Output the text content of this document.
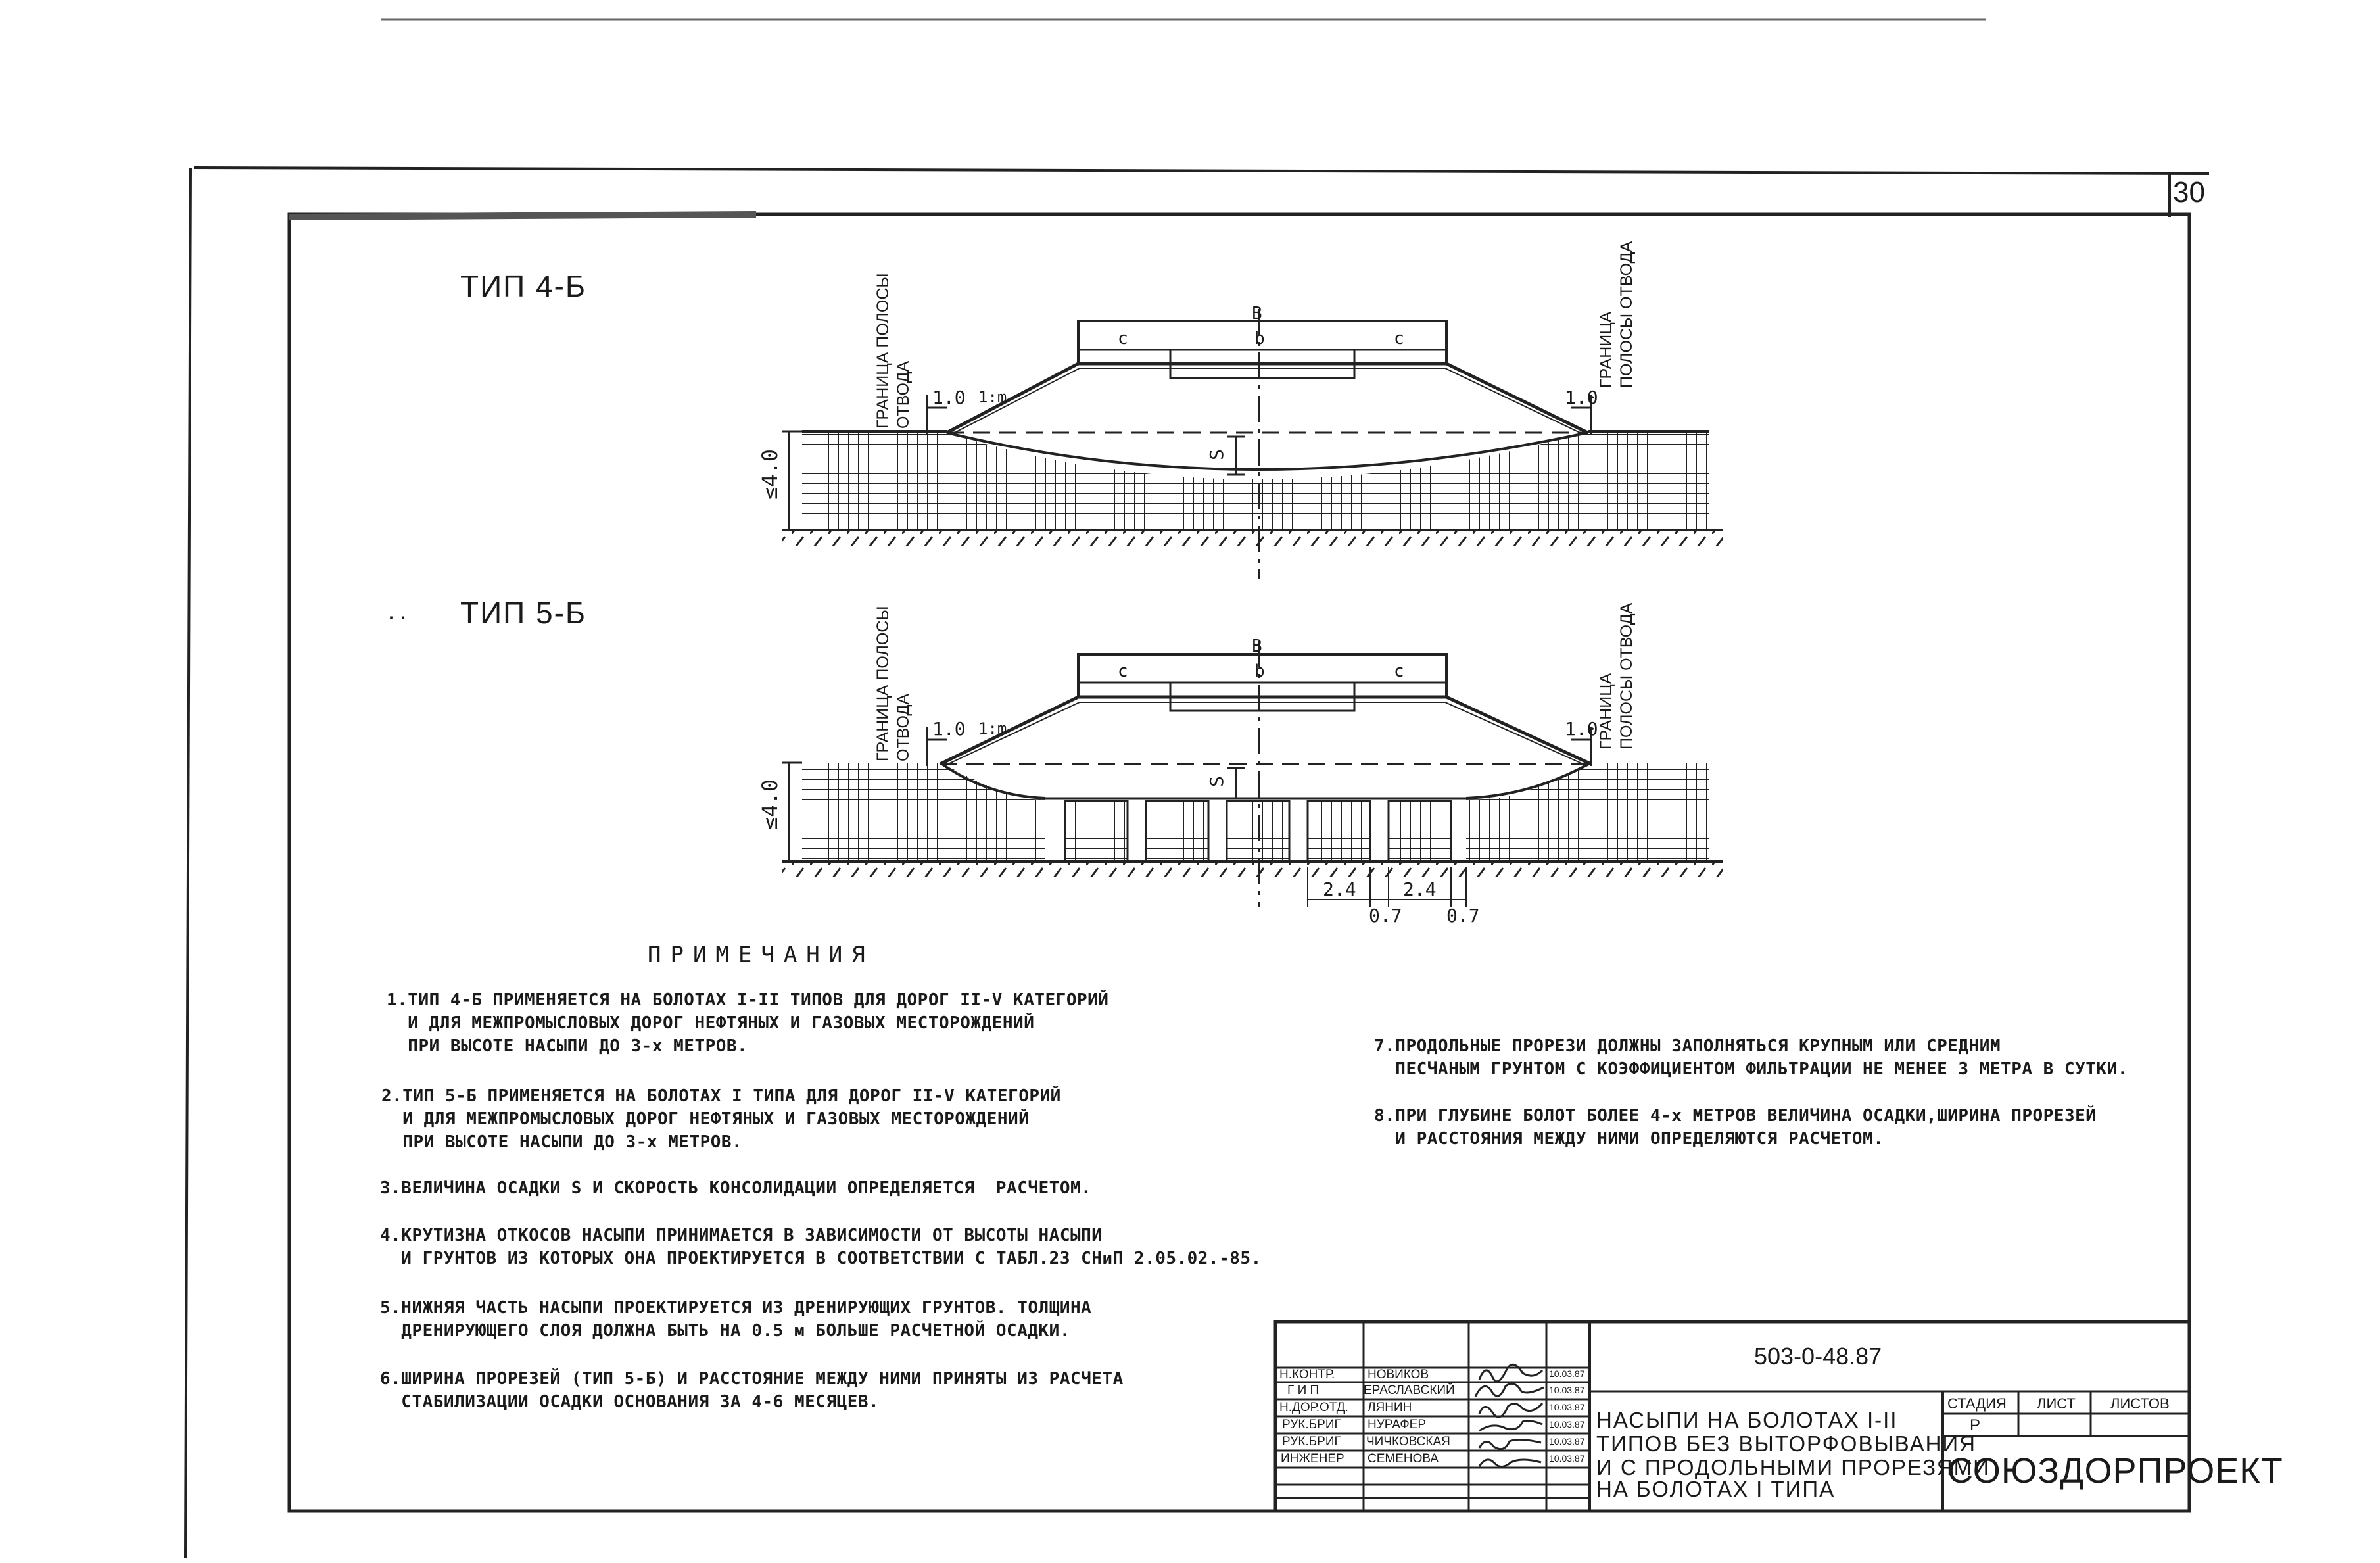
30
ТИП 4-Б	ГРАНИЦА ПОЛОСЫ ОТВОДА
ГРАНИЦА ПОЛОСЫ ОТВОДА
1.0	1.0
1:m
B
c	b	c
S
≤4.0
ТИП 5-Б
..	ГРАНИЦА ПОЛОСЫ ОТВОДА	ГРАНИЦА ПОЛОСЫ ОТВОДА
1.0	1.0
1:m
B
c	b	c
S
≤4.0
2.4	2.4
0.7 0.7
ПРИМЕЧАНИЯ
1.ТИП 4-Б ПРИМЕНЯЕТСЯ НА БОЛОТАХ I-II ТИПОВ ДЛЯ ДОРОГ II-V КАТЕГОРИЙ
И ДЛЯ МЕЖПРОМЫСЛОВЫХ ДОРОГ НЕФТЯНЫХ И ГАЗОВЫХ МЕСТОРОЖДЕНИЙ
ПРИ ВЫСОТЕ НАСЫПИ ДО 3-х МЕТРОВ.
2.ТИП 5-Б ПРИМЕНЯЕТСЯ НА БОЛОТАХ I ТИПА ДЛЯ ДОРОГ II-V КАТЕГОРИЙ
И ДЛЯ МЕЖПРОМЫСЛОВЫХ ДОРОГ НЕФТЯНЫХ И ГАЗОВЫХ МЕСТОРОЖДЕНИЙ
ПРИ ВЫСОТЕ НАСЫПИ ДО 3-х МЕТРОВ.
3.ВЕЛИЧИНА ОСАДКИ S И СКОРОСТЬ КОНСОЛИДАЦИИ ОПРЕДЕЛЯЕТСЯ  РАСЧЕТОМ.
4.КРУТИЗНА ОТКОСОВ НАСЫПИ ПРИНИМАЕТСЯ В ЗАВИСИМОСТИ ОТ ВЫСОТЫ НАСЫПИ
И ГРУНТОВ ИЗ КОТОРЫХ ОНА ПРОЕКТИРУЕТСЯ В СООТВЕТСТВИИ С ТАБЛ.23 СНиП 2.05.02.-85.
5.НИЖНЯЯ ЧАСТЬ НАСЫПИ ПРОЕКТИРУЕТСЯ ИЗ ДРЕНИРУЮЩИХ ГРУНТОВ. ТОЛЩИНА
ДРЕНИРУЮЩЕГО СЛОЯ ДОЛЖНА БЫТЬ НА 0.5 м БОЛЬШЕ РАСЧЕТНОЙ ОСАДКИ.
6.ШИРИНА ПРОРЕЗЕЙ (ТИП 5-Б) И РАССТОЯНИЕ МЕЖДУ НИМИ ПРИНЯТЫ ИЗ РАСЧЕТА
СТАБИЛИЗАЦИИ ОСАДКИ ОСНОВАНИЯ ЗА 4-6 МЕСЯЦЕВ.
7.ПРОДОЛЬНЫЕ ПРОРЕЗИ ДОЛЖНЫ ЗАПОЛНЯТЬСЯ КРУПНЫМ ИЛИ СРЕДНИМ
ПЕСЧАНЫМ ГРУНТОМ С КОЭФФИЦИЕНТОМ ФИЛЬТРАЦИИ НЕ МЕНЕЕ 3 МЕТРА В СУТКИ.
8.ПРИ ГЛУБИНЕ БОЛОТ БОЛЕЕ 4-х МЕТРОВ ВЕЛИЧИНА ОСАДКИ,ШИРИНА ПРОРЕЗЕЙ
И РАССТОЯНИЯ МЕЖДУ НИМИ ОПРЕДЕЛЯЮТСЯ РАСЧЕТОМ.
503-0-48.87
Н.КОНТР.	НОВИКОВ	10.03.87
Г И П	ЕРАСЛАВСКИЙ	10.03.87
Н.ДОР.ОТД. ЛЯНИН	10.03.87
РУК.БРИГ НУРАФЕР	10.03.87
РУК.БРИГ ЧИЧКОВСКАЯ	10.03.87
ИНЖЕНЕР СЕМЕНОВА	10.03.87
НАСЫПИ НА БОЛОТАХ I-II
ТИПОВ БЕЗ ВЫТОРФОВЫВАНИЯ
И С ПРОДОЛЬНЫМИ ПРОРЕЗЯМИ
НА БОЛОТАХ I ТИПА
СТАДИЯ ЛИСТ ЛИСТОВ
Р
СОЮЗДОРПРОЕКТ
